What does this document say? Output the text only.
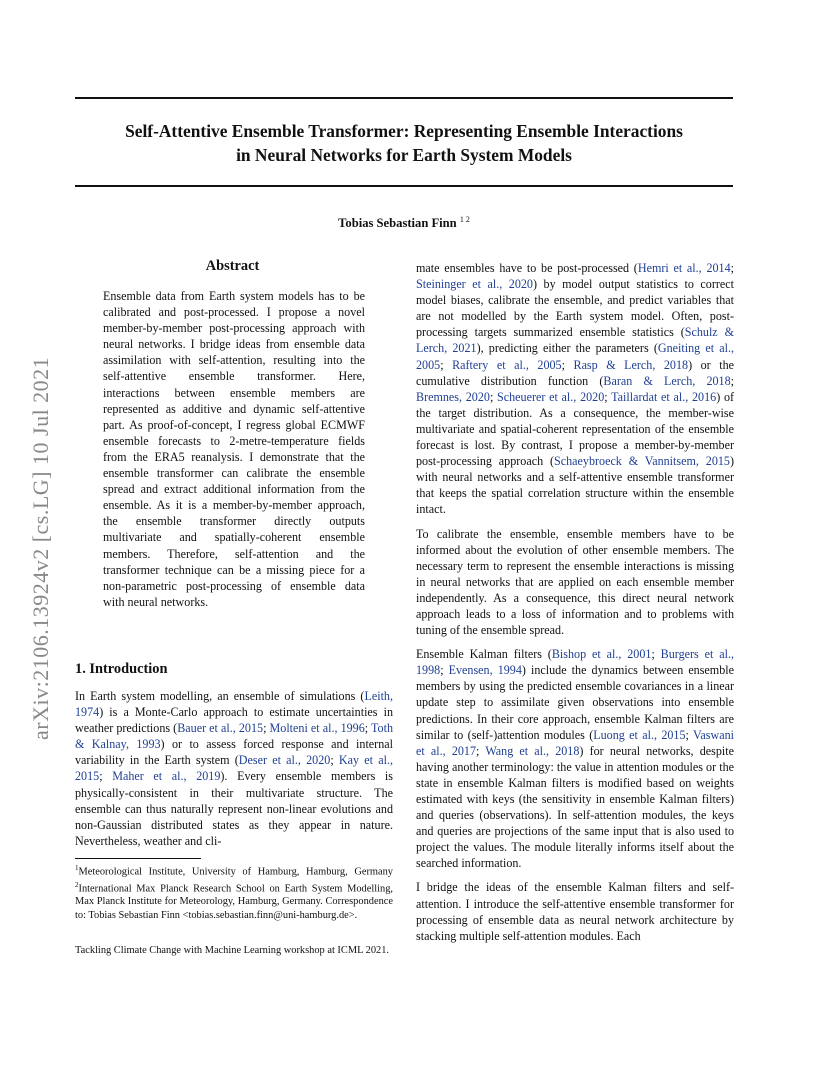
Self-Attentive Ensemble Transformer: Representing Ensemble Interactions
in Neural Networks for Earth System Models
Tobias Sebastian Finn $^{1 2}$
arXiv:2106.13924v2 [cs.LG] 10 Jul 2021
Abstract

Ensemble data from Earth system models has to be calibrated and post-processed. I propose a novel member-by-member post-processing approach with neural networks. I bridge ideas from ensemble data assimilation with self-attention, resulting into the self-attentive ensemble transformer. Here, interactions between ensemble members are represented as additive and dynamic self-attentive part. As proof-of-concept, I regress global ECMWF ensemble forecasts to 2-metre-temperature fields from the ERA5 reanalysis. I demonstrate that the ensemble transformer can calibrate the ensemble spread and extract additional information from the ensemble. As it is a member-by-member approach, the ensemble transformer directly outputs multivariate and spatially-coherent ensemble members. Therefore, self-attention and the transformer technique can be a missing piece for a non-parametric post-processing of ensemble data with neural networks.

1. Introduction

In Earth system modelling, an ensemble of simulations (Leith, 1974) is a Monte-Carlo approach to estimate uncertainties in weather predictions (Bauer et al., 2015; Molteni et al., 1996; Toth & Kalnay, 1993) or to assess forced response and internal variability in the Earth system (Deser et al., 2020; Kay et al., 2015; Maher et al., 2019). Every ensemble members is physically-consistent in their multivariate structure. The ensemble can thus naturally represent non-linear evolutions and non-Gaussian distributed states as they appear in nature. Nevertheless, weather and cli-

$^1$Meteorological Institute, University of Hamburg, Hamburg, Germany $^2$International Max Planck Research School on Earth System Modelling, Max Planck Institute for Meteorology, Hamburg, Germany. Correspondence to: Tobias Sebastian Finn <tobias.sebastian.finn@uni-hamburg.de>.
Tackling Climate Change with Machine Learning workshop at ICML 2021.

mate ensembles have to be post-processed (Hemri et al., 2014; Steininger et al., 2020) by model output statistics to correct model biases, calibrate the ensemble, and predict variables that are not modelled by the Earth system model. Often, post-processing targets summarized ensemble statistics (Schulz & Lerch, 2021), predicting either the parameters (Gneiting et al., 2005; Raftery et al., 2005; Rasp & Lerch, 2018) or the cumulative distribution function (Baran & Lerch, 2018; Bremnes, 2020; Scheuerer et al., 2020; Taillardat et al., 2016) of the target distribution. As a consequence, the member-wise multivariate and spatial-coherent representation of the ensemble forecast is lost. By contrast, I propose a member-by-member post-processing approach (Schaeybroeck & Vannitsem, 2015) with neural networks and a self-attentive ensemble transformer that keeps the spatial correlation structure within the ensemble intact.

To calibrate the ensemble, ensemble members have to be informed about the evolution of other ensemble members. The necessary term to represent the ensemble interactions is missing in neural networks that are applied on each ensemble member independently. As a consequence, this direct neural network approach leads to a loss of information and to problems with tuning of the ensemble spread.

Ensemble Kalman filters (Bishop et al., 2001; Burgers et al., 1998; Evensen, 1994) include the dynamics between ensemble members by using the predicted ensemble covariances in a linear update step to assimilate given observations into ensemble predictions. In their core approach, ensemble Kalman filters are similar to (self-)attention modules (Luong et al., 2015; Vaswani et al., 2017; Wang et al., 2018) for neural networks, despite having another terminology: the value in attention modules or the state in ensemble Kalman filters is modified based on weights estimated with keys (the sensitivity in ensemble Kalman filters) and queries (observations). In self-attention modules, the keys and queries are projections of the same input that is also used to project the values. The module literally informs itself about the searched information.

I bridge the ideas of the ensemble Kalman filters and self-attention. I introduce the self-attentive ensemble transformer for processing of ensemble data as neural network architecture by stacking multiple self-attention modules. Each
